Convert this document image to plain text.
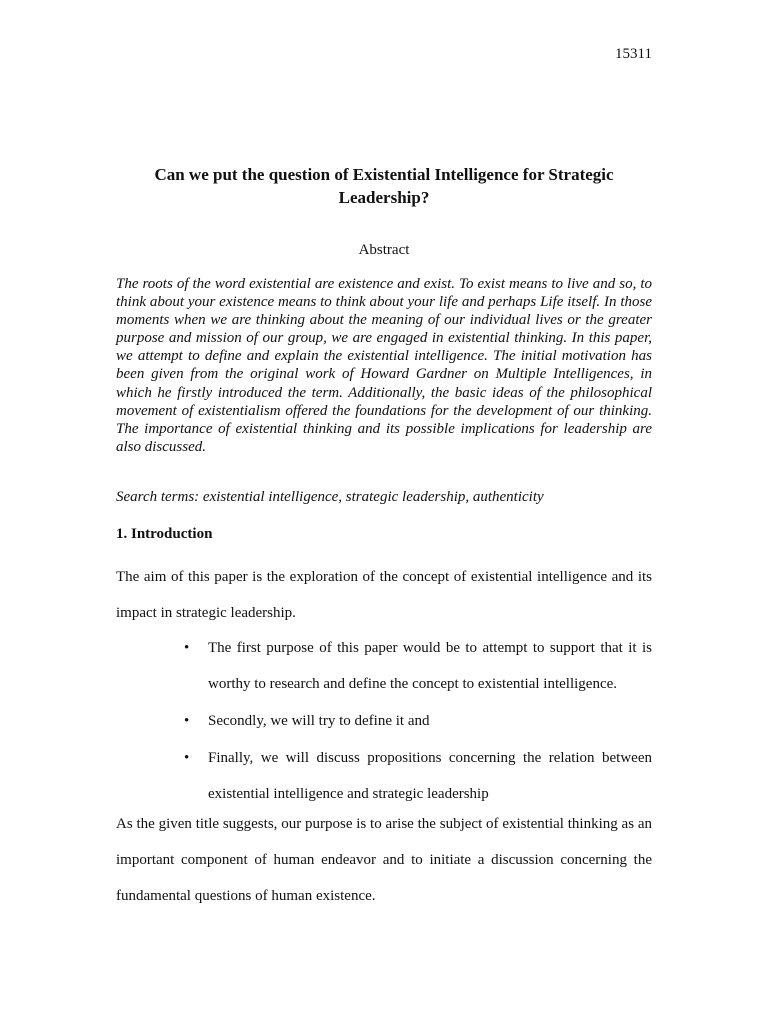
15311
Can we put the question of Existential Intelligence for Strategic Leadership?

Abstract

The roots of the word existential are existence and exist. To exist means to live and so, to think about your existence means to think about your life and perhaps Life itself. In those moments when we are thinking about the meaning of our individual lives or the greater purpose and mission of our group, we are engaged in existential thinking. In this paper, we attempt to define and explain the existential intelligence. The initial motivation has been given from the original work of Howard Gardner on Multiple Intelligences, in which he firstly introduced the term. Additionally, the basic ideas of the philosophical movement of existentialism offered the foundations for the development of our thinking. The importance of existential thinking and its possible implications for leadership are also discussed.

Search terms: existential intelligence, strategic leadership, authenticity

1. Introduction

The aim of this paper is the exploration of the concept of existential intelligence and its impact in strategic leadership.

• The first purpose of this paper would be to attempt to support that it is worthy to research and define the concept to existential intelligence.
• Secondly, we will try to define it and
• Finally, we will discuss propositions concerning the relation between existential intelligence and strategic leadership

As the given title suggests, our purpose is to arise the subject of existential thinking as an important component of human endeavor and to initiate a discussion concerning the fundamental questions of human existence.
